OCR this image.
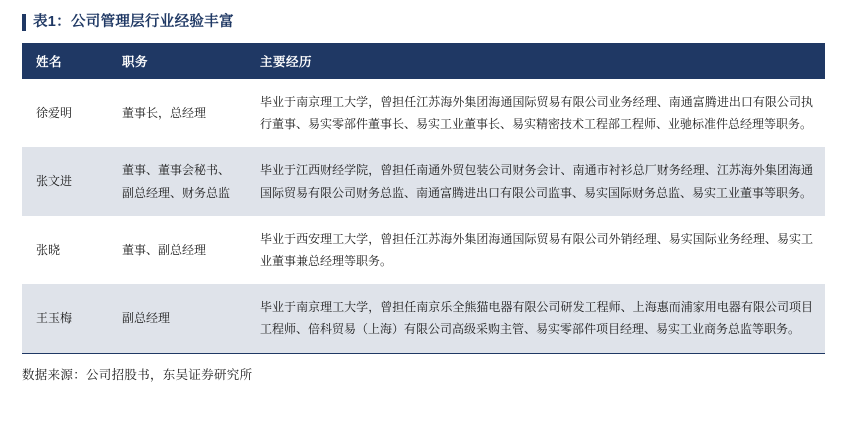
表1：公司管理层行业经验丰富
姓名	职务	主要经历
徐爱明	董事长，总经理	毕业于南京理工大学，曾担任江苏海外集团海通国际贸易有限公司业务经理、南通富腾进出口有限公司执行董事、易实零部件董事长、易实工业董事长、易实精密技术工程部工程师、业驰标准件总经理等职务。
张文进	董事、董事会秘书、副总经理、财务总监	毕业于江西财经学院，曾担任南通外贸包装公司财务会计、南通市衬衫总厂财务经理、江苏海外集团海通国际贸易有限公司财务总监、南通富腾进出口有限公司监事、易实国际财务总监、易实工业董事等职务。
张晓	董事、副总经理	毕业于西安理工大学，曾担任江苏海外集团海通国际贸易有限公司外销经理、易实国际业务经理、易实工业董事兼总经理等职务。
王玉梅	副总经理	毕业于南京理工大学，曾担任南京乐全熊猫电器有限公司研发工程师、上海惠而浦家用电器有限公司项目工程师、倍科贸易（上海）有限公司高级采购主管、易实零部件项目经理、易实工业商务总监等职务。
数据来源：公司招股书，东吴证券研究所
